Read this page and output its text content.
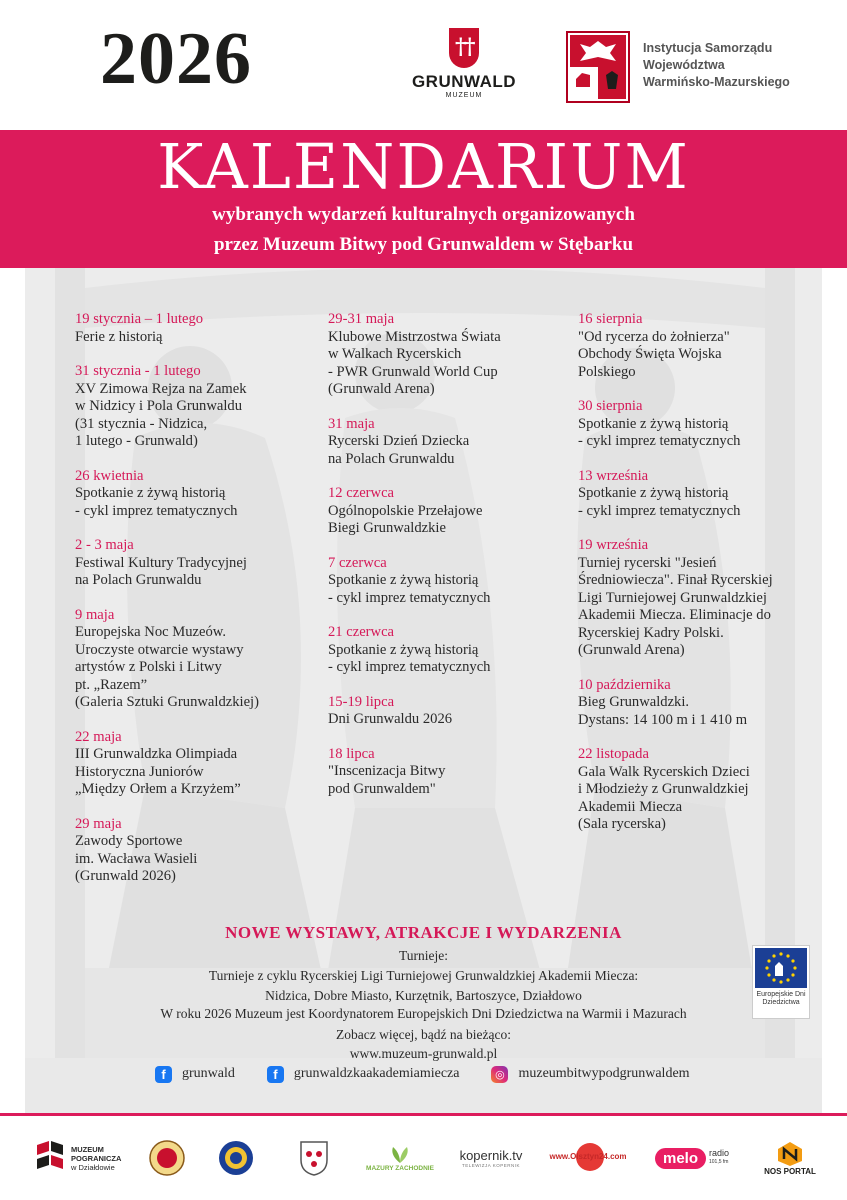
2026	†
†
GRUNWALD
MUZEUM
Instytucja Samorządu
Województwa
Warmińsko-Mazurskiego
KALENDARIUM
wybranych wydarzeń kulturalnych organizowanych
przez Muzeum Bitwy pod Grunwaldem w Stębarku
19 stycznia – 1 lutego
Ferie z historią
31 stycznia - 1 lutego
XV Zimowa Rejza na Zamek
w Nidzicy i Pola Grunwaldu
(31 stycznia - Nidzica,
1 lutego - Grunwald)
26 kwietnia
Spotkanie z żywą historią
- cykl imprez tematycznych
2 - 3 maja
Festiwal Kultury Tradycyjnej
na Polach Grunwaldu
9 maja
Europejska Noc Muzeów.
Uroczyste otwarcie wystawy
artystów z Polski i Litwy
pt. „Razem”
(Galeria Sztuki Grunwaldzkiej)
22 maja
III Grunwaldzka Olimpiada
Historyczna Juniorów
„Między Orłem a Krzyżem”
29 maja
Zawody Sportowe
im. Wacława Wasieli
(Grunwald 2026)
29-31 maja
Klubowe Mistrzostwa Świata
w Walkach Rycerskich
- PWR Grunwald World Cup
(Grunwald Arena)
31 maja
Rycerski Dzień Dziecka
na Polach Grunwaldu
12 czerwca
Ogólnopolskie Przełajowe
Biegi Grunwaldzkie
7 czerwca
Spotkanie z żywą historią
- cykl imprez tematycznych
21 czerwca
Spotkanie z żywą historią
- cykl imprez tematycznych
15-19 lipca
Dni Grunwaldu 2026
18 lipca
"Inscenizacja Bitwy
pod Grunwaldem"
16 sierpnia
"Od rycerza do żołnierza"
Obchody Święta Wojska
Polskiego
30 sierpnia
Spotkanie z żywą historią
- cykl imprez tematycznych
13 września
Spotkanie z żywą historią
- cykl imprez tematycznych
19 września
Turniej rycerski "Jesień
Średniowiecza". Finał Rycerskiej
Ligi Turniejowej Grunwaldzkiej
Akademii Miecza. Eliminacje do
Rycerskiej Kadry Polski.
(Grunwald Arena)
10 października
Bieg Grunwaldzki.
Dystans: 14 100 m i 1 410 m
22 listopada
Gala Walk Rycerskich Dzieci
i Młodzieży z Grunwaldzkiej
Akademii Miecza
(Sala rycerska)
NOWE WYSTAWY, ATRAKCJE I WYDARZENIA
Turnieje:
Turnieje z cyklu Rycerskiej Ligi Turniejowej Grunwaldzkiej Akademii Miecza:
Nidzica, Dobre Miasto, Kurzętnik, Bartoszyce, Działdowo
W roku 2026 Muzeum jest Koordynatorem Europejskich Dni Dziedzictwa na Warmii i Mazurach
Zobacz więcej, bądź na bieżąco:
www.muzeum-grunwald.pl
Europejskie Dni Dziedzictwa
f	grunwald	f	grunwaldzkaakademiamiecza	◎ muzeumbitwypodgrunwaldem
MUZEUM
POGRANICZA
w Działdowie	MAZURY ZACHODNIE
kopernik.tv
TELEWIZJA KOPERNIK
www.Olsztyn24.com	melo	radio
101,5 fm
NOS PORTAL
